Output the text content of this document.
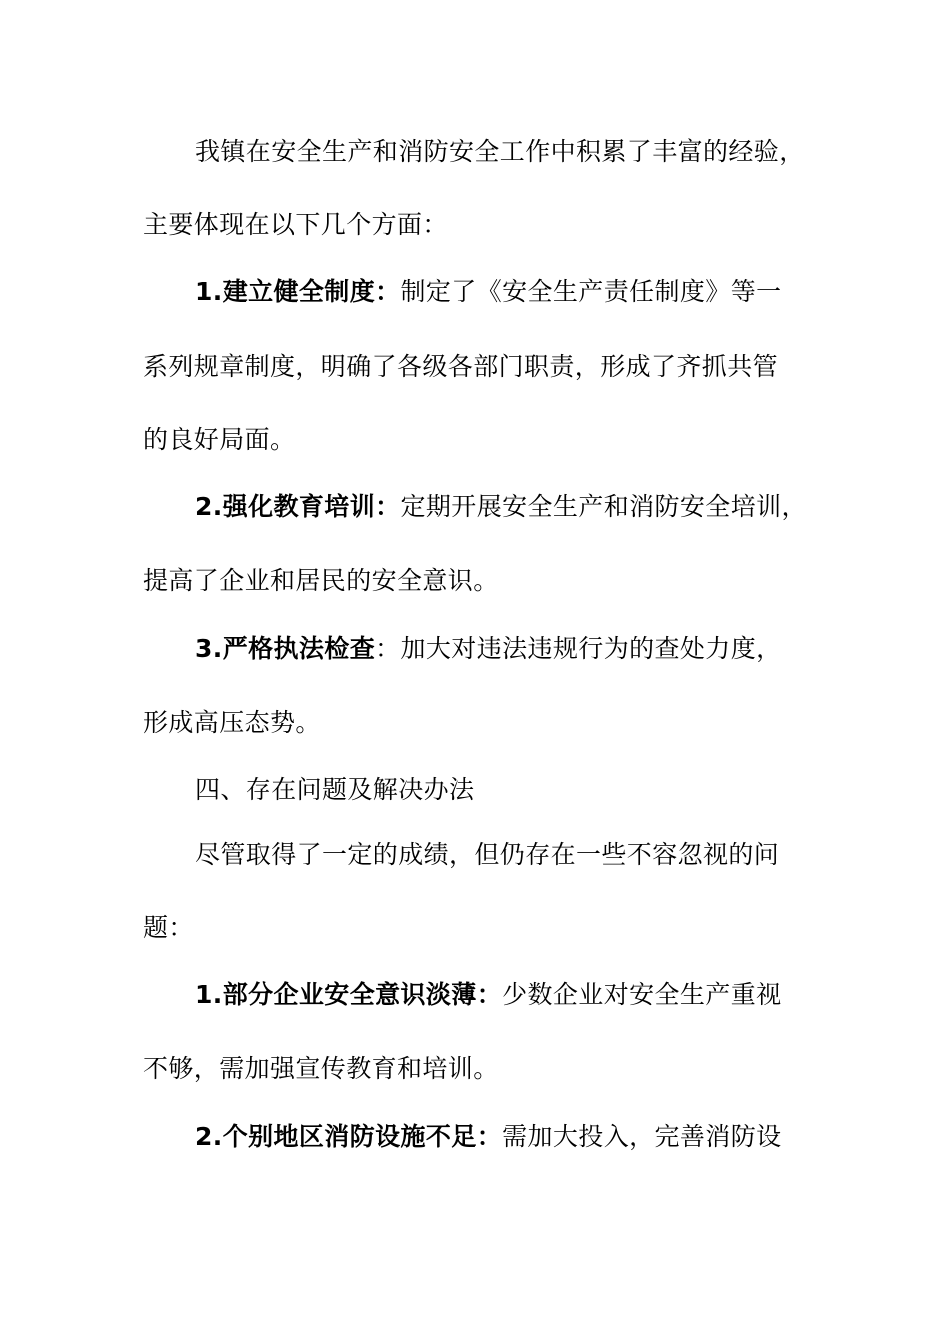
我镇在安全生产和消防安全工作中积累了丰富的经验，
主要体现在以下几个方面：
1.建立健全制度：制定了《安全生产责任制度》等一
系列规章制度，明确了各级各部门职责，形成了齐抓共管
的良好局面。
2.强化教育培训：定期开展安全生产和消防安全培训，
提高了企业和居民的安全意识。
3.严格执法检查：加大对违法违规行为的查处力度，
形成高压态势。
四、存在问题及解决办法
尽管取得了一定的成绩，但仍存在一些不容忽视的问
题：
1.部分企业安全意识淡薄：少数企业对安全生产重视
不够，需加强宣传教育和培训。
2.个别地区消防设施不足：需加大投入，完善消防设
